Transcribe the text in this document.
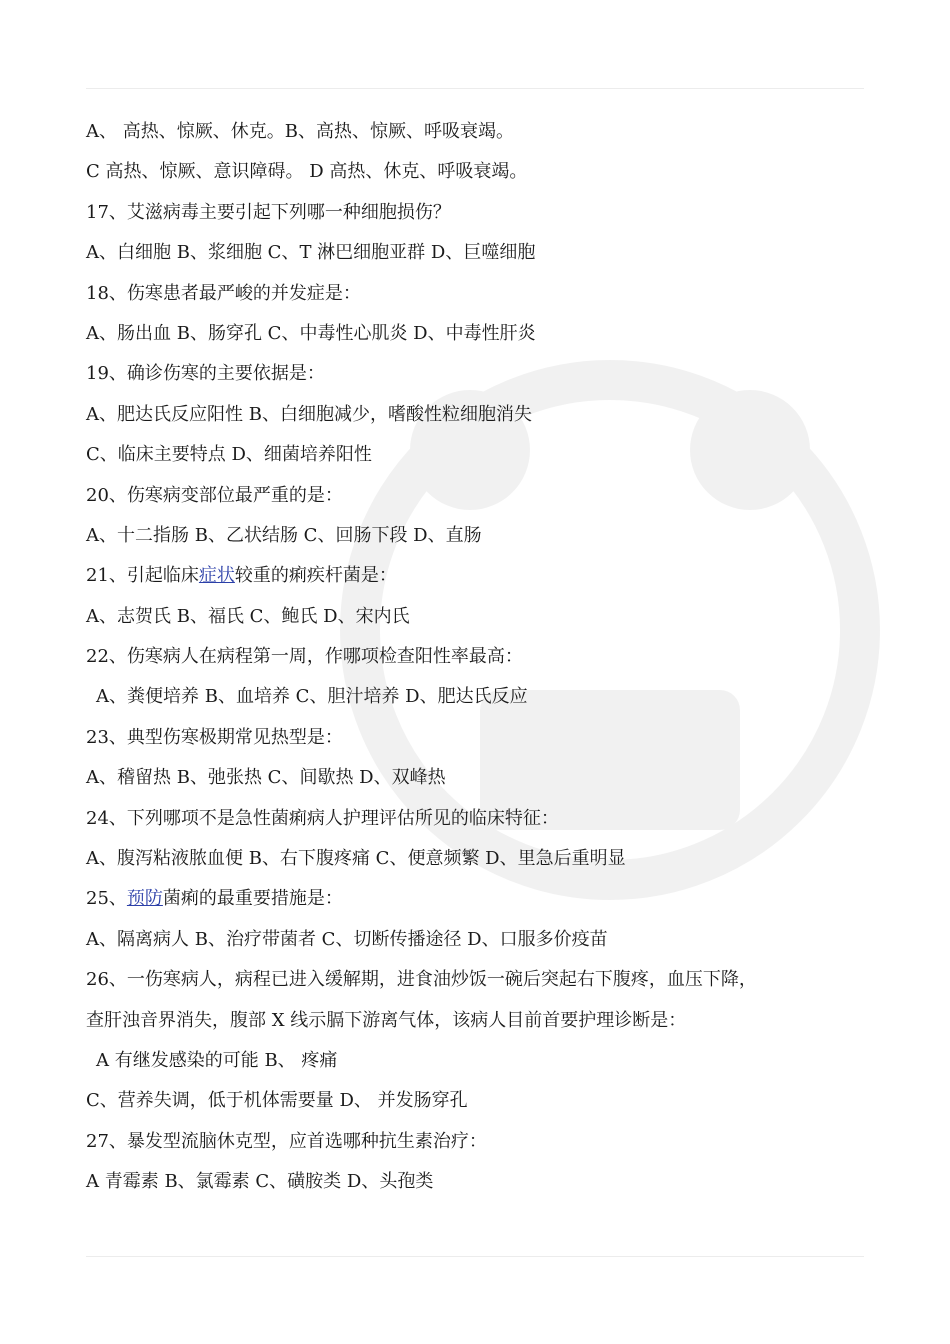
A、 高热、惊厥、休克。B、高热、惊厥、呼吸衰竭。
C 高热、惊厥、意识障碍。 D 高热、休克、呼吸衰竭。
17、艾滋病毒主要引起下列哪一种细胞损伤？
A、白细胞 B、浆细胞 C、T 淋巴细胞亚群 D、巨噬细胞
18、伤寒患者最严峻的并发症是：
A、肠出血 B、肠穿孔 C、中毒性心肌炎 D、中毒性肝炎
19、确诊伤寒的主要依据是：
A、肥达氏反应阳性 B、白细胞减少，嗜酸性粒细胞消失
C、临床主要特点 D、细菌培养阳性
20、伤寒病变部位最严重的是：
A、十二指肠 B、乙状结肠 C、回肠下段 D、直肠
21、引起临床症状较重的痢疾杆菌是：
A、志贺氏 B、福氏 C、鲍氏 D、宋内氏
22、伤寒病人在病程第一周，作哪项检查阳性率最高：
A、粪便培养 B、血培养 C、胆汁培养 D、肥达氏反应
23、典型伤寒极期常见热型是：
A、稽留热 B、弛张热 C、间歇热 D、双峰热
24、下列哪项不是急性菌痢病人护理评估所见的临床特征：
A、腹泻粘液脓血便 B、右下腹疼痛 C、便意频繁 D、里急后重明显
25、预防菌痢的最重要措施是：
A、隔离病人 B、治疗带菌者 C、切断传播途径 D、口服多价疫苗
26、一伤寒病人，病程已进入缓解期，进食油炒饭一碗后突起右下腹疼，血压下降，
查肝浊音界消失，腹部 X 线示膈下游离气体，该病人目前首要护理诊断是：
A 有继发感染的可能 B、 疼痛
C、营养失调，低于机体需要量 D、 并发肠穿孔
27、暴发型流脑休克型，应首选哪种抗生素治疗：
A 青霉素 B、氯霉素 C、磺胺类 D、头孢类
